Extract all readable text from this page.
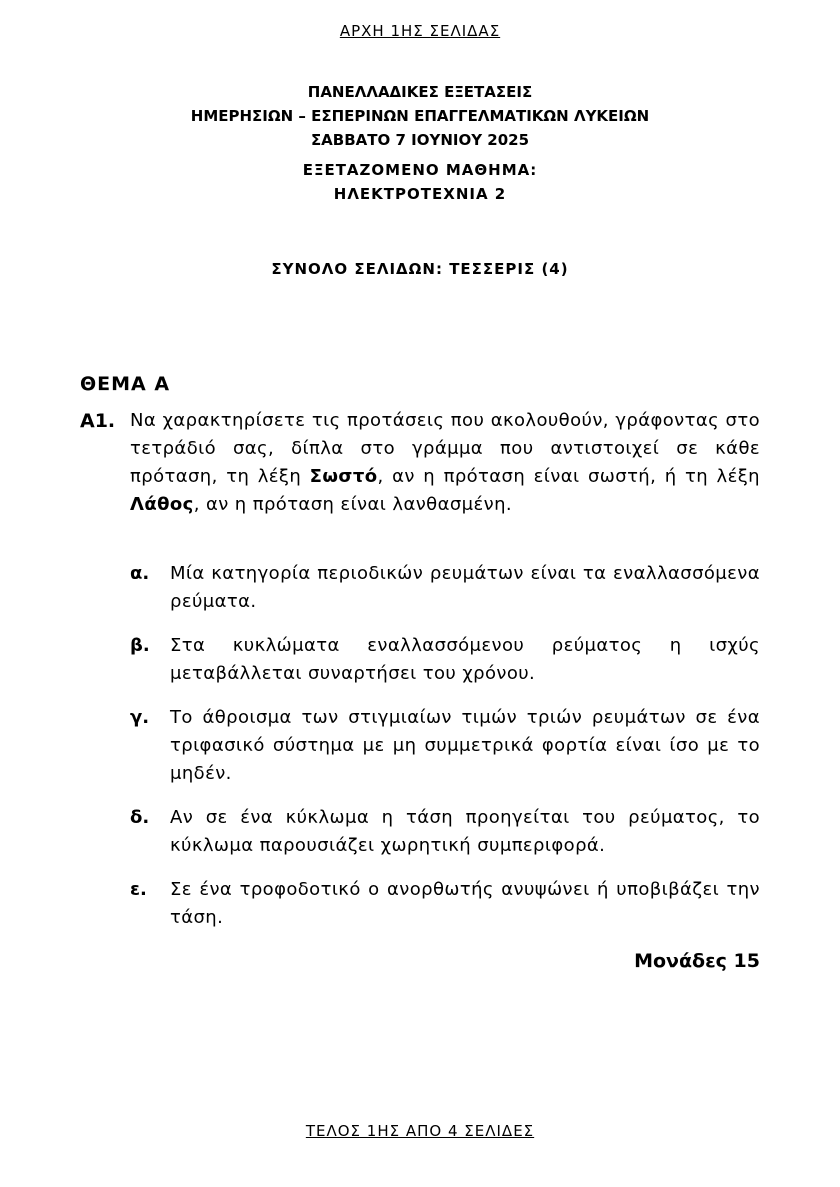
ΑΡΧΗ 1ΗΣ ΣΕΛΙΔΑΣ
ΠΑΝΕΛΛΑΔΙΚΕΣ ΕΞΕΤΑΣΕΙΣ
ΗΜΕΡΗΣΙΩΝ – ΕΣΠΕΡΙΝΩΝ ΕΠΑΓΓΕΛΜΑΤΙΚΩΝ ΛΥΚΕΙΩΝ
ΣΑΒΒΑΤΟ 7 ΙΟΥΝΙΟΥ 2025
ΕΞΕΤΑΖΟΜΕΝΟ ΜΑΘΗΜΑ:
ΗΛΕΚΤΡΟΤΕΧΝΙΑ 2
ΣΥΝΟΛΟ ΣΕΛΙΔΩΝ: ΤΕΣΣΕΡΙΣ (4)
ΘΕΜΑ Α
Α1. Να χαρακτηρίσετε τις προτάσεις που ακολουθούν, γράφοντας στο τετράδιό σας, δίπλα στο γράμμα που αντιστοιχεί σε κάθε πρόταση, τη λέξη Σωστό, αν η πρόταση είναι σωστή, ή τη λέξη Λάθος, αν η πρόταση είναι λανθασμένη.
α. Μία κατηγορία περιοδικών ρευμάτων είναι τα εναλλασσόμενα ρεύματα.
β. Στα κυκλώματα εναλλασσόμενου ρεύματος η ισχύς μεταβάλλεται συναρτήσει του χρόνου.
γ. Το άθροισμα των στιγμιαίων τιμών τριών ρευμάτων σε ένα τριφασικό σύστημα με μη συμμετρικά φορτία είναι ίσο με το μηδέν.
δ. Αν σε ένα κύκλωμα η τάση προηγείται του ρεύματος, το κύκλωμα παρουσιάζει χωρητική συμπεριφορά.
ε. Σε ένα τροφοδοτικό ο ανορθωτής ανυψώνει ή υποβιβάζει την τάση.
Μονάδες 15
ΤΕΛΟΣ 1ΗΣ ΑΠΟ 4 ΣΕΛΙΔΕΣ
